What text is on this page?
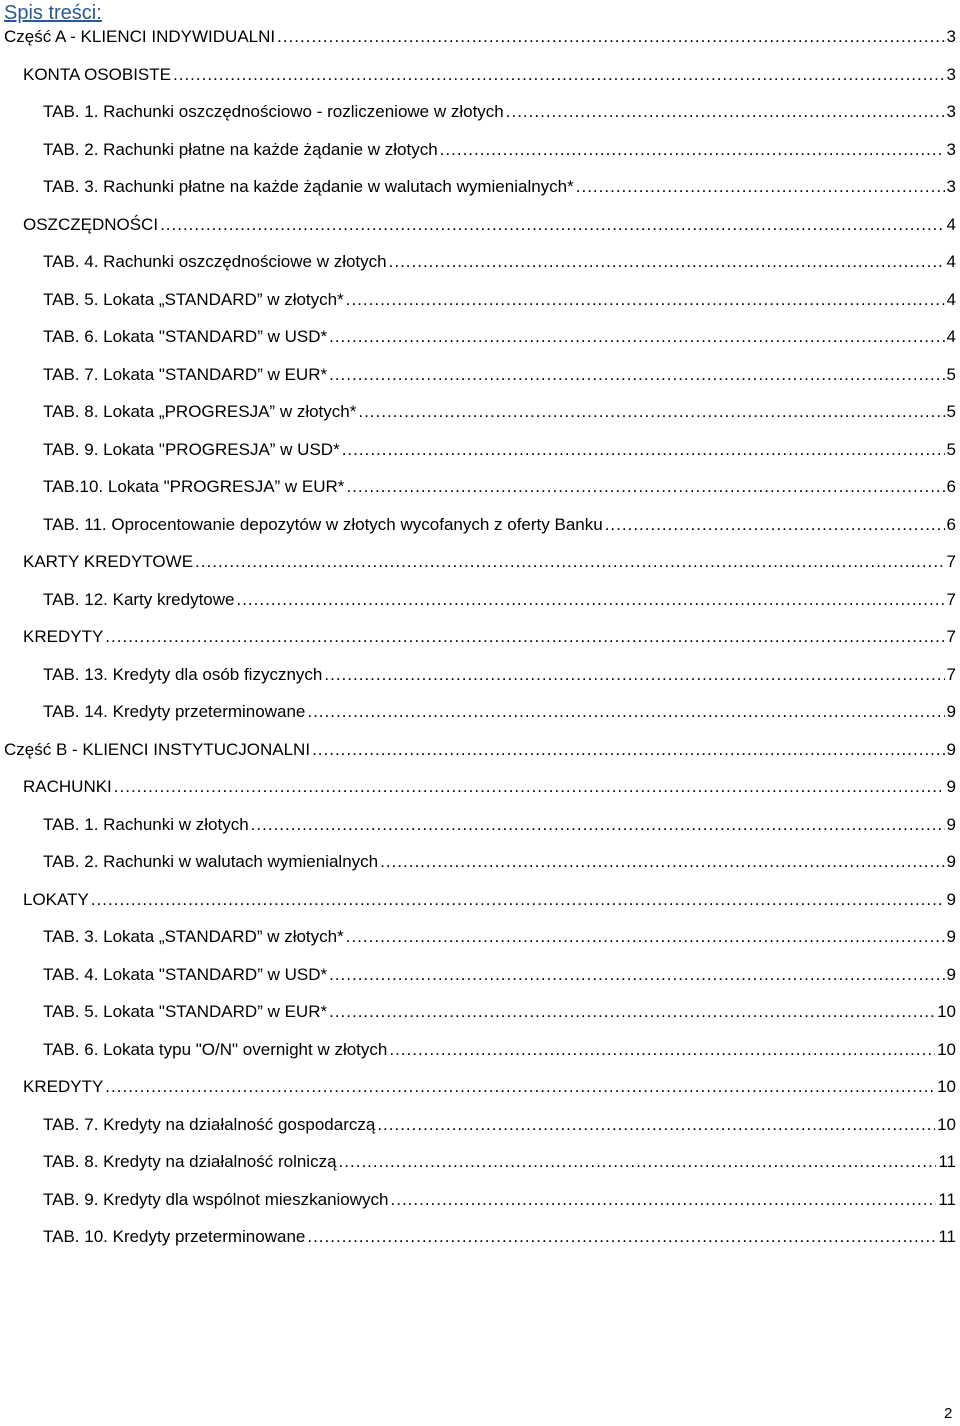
Spis treści:
Część A - KLIENCI INDYWIDUALNI .....	3
KONTA OSOBISTE .....	3
TAB. 1. Rachunki oszczędnościowo - rozliczeniowe w złotych .....	3
TAB. 2. Rachunki płatne na każde żądanie w złotych .....	3
TAB. 3. Rachunki płatne na każde żądanie w walutach wymienialnych* .....	3
OSZCZĘDNOŚCI .....	4
TAB. 4. Rachunki oszczędnościowe w złotych .....	4
TAB. 5. Lokata „STANDARD” w złotych* .....	4
TAB. 6. Lokata "STANDARD” w USD* .....	4
TAB. 7. Lokata "STANDARD” w EUR* .....	5
TAB. 8. Lokata „PROGRESJA” w złotych* .....	5
TAB. 9. Lokata "PROGRESJA” w USD* .....	5
TAB.10. Lokata "PROGRESJA” w EUR* .....	6
TAB. 11. Oprocentowanie depozytów w złotych wycofanych z oferty Banku .....	6
KARTY KREDYTOWE .....	7
TAB. 12. Karty kredytowe .....	7
KREDYTY .....	7
TAB. 13. Kredyty dla osób fizycznych .....	7
TAB. 14. Kredyty przeterminowane .....	9
Część B - KLIENCI INSTYTUCJONALNI .....	9
RACHUNKI .....	9
TAB. 1. Rachunki w złotych .....	9
TAB. 2. Rachunki w walutach wymienialnych .....	9
LOKATY .....	9
TAB. 3. Lokata „STANDARD” w złotych* .....	9
TAB. 4. Lokata "STANDARD” w USD* .....	9
TAB. 5. Lokata "STANDARD” w EUR* .....	10
TAB. 6. Lokata typu "O/N" overnight w złotych .....	10
KREDYTY .....	10
TAB. 7. Kredyty na działalność gospodarczą .....	10
TAB. 8. Kredyty na działalność rolniczą .....	11
TAB. 9. Kredyty dla wspólnot mieszkaniowych .....	11
TAB. 10. Kredyty przeterminowane .....	11
2
